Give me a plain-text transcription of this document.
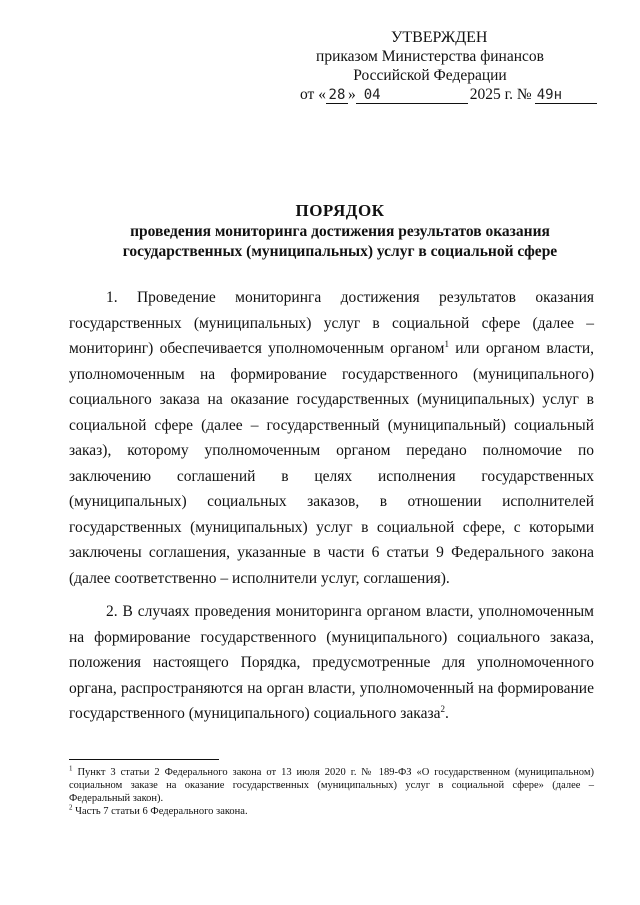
УТВЕРЖДЕН
приказом Министерства финансов
Российской Федерации
от « 28 » 04	2025 г. № 49н
ПОРЯДОК
проведения мониторинга достижения результатов оказания
государственных (муниципальных) услуг в социальной сфере

1. Проведение мониторинга достижения результатов оказания государственных (муниципальных) услуг в социальной сфере (далее – мониторинг) обеспечивается уполномоченным органом$^1$ или органом власти, уполномоченным на формирование государственного (муниципального) социального заказа на оказание государственных (муниципальных) услуг в социальной сфере (далее – государственный (муниципальный) социальный заказ), которому уполномоченным органом передано полномочие по заключению соглашений в целях исполнения государственных (муниципальных) социальных заказов, в отношении исполнителей государственных (муниципальных) услуг в социальной сфере, с которыми заключены соглашения, указанные в части 6 статьи 9 Федерального закона (далее соответственно – исполнители услуг, соглашения).

2. В случаях проведения мониторинга органом власти, уполномоченным на формирование государственного (муниципального) социального заказа, положения настоящего Порядка, предусмотренные для уполномоченного органа, распространяются на орган власти, уполномоченный на формирование государственного (муниципального) социального заказа$^2$.

$^1$ Пункт 3 статьи 2 Федерального закона от 13 июля 2020 г. № 189-ФЗ «О государственном (муниципальном) социальном заказе на оказание государственных (муниципальных) услуг в социальной сфере» (далее – Федеральный закон).

$^2$ Часть 7 статьи 6 Федерального закона.
